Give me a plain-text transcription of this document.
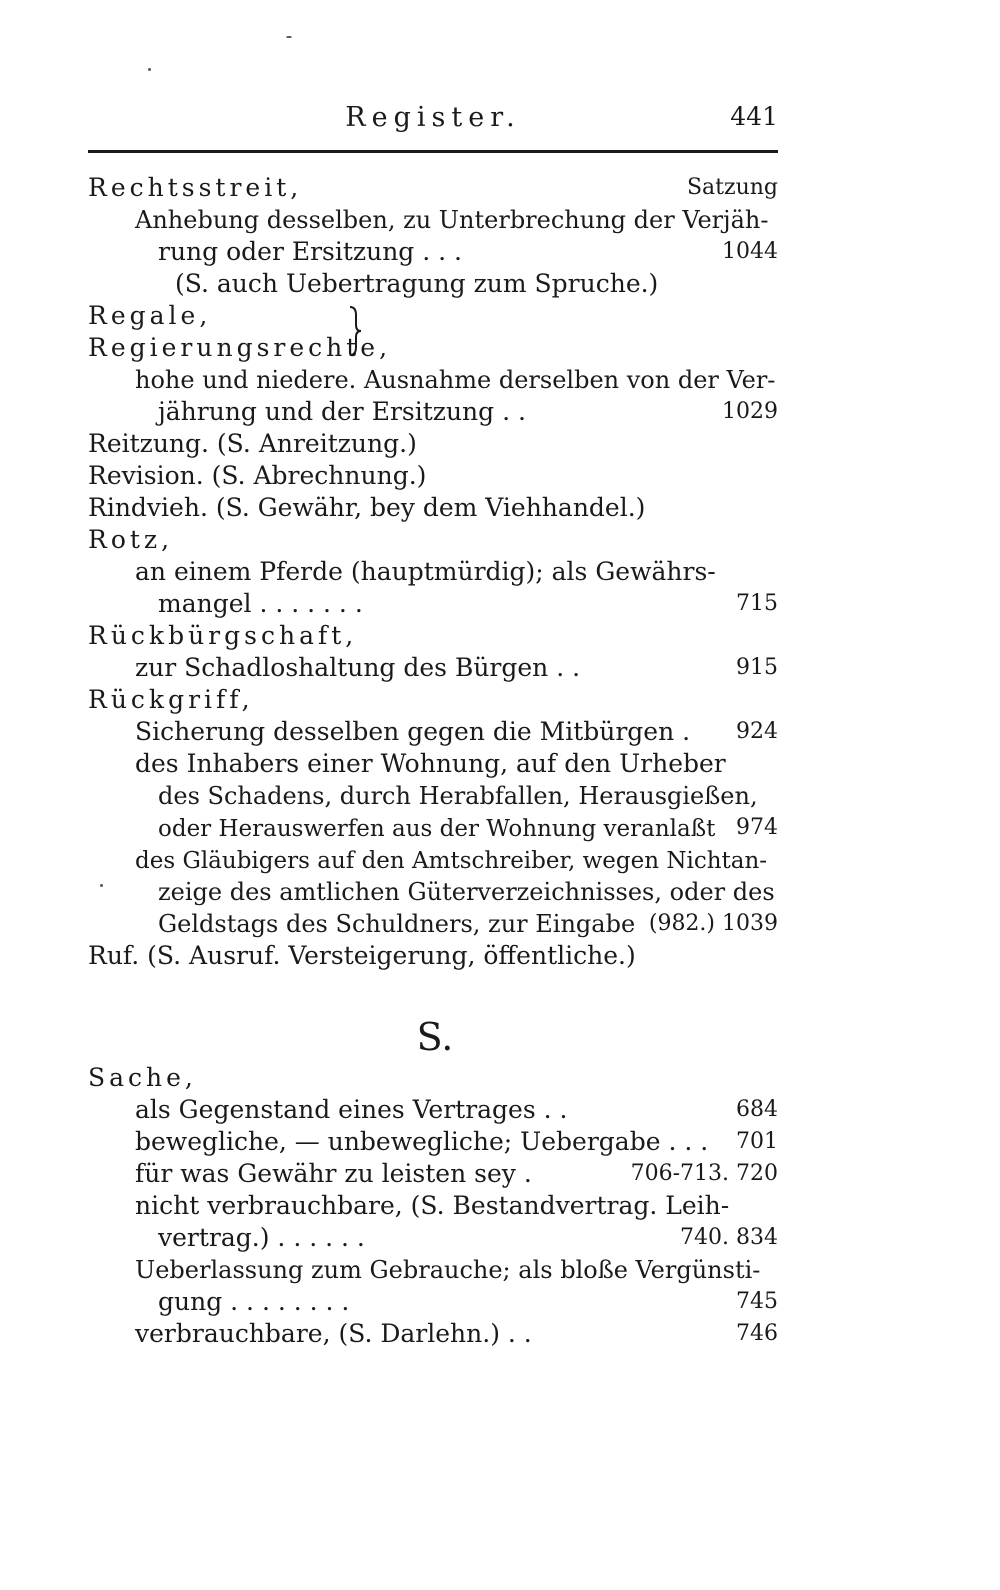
Register.	441
Rechtsstreit,	Satzung
Anhebung desselben, zu Unterbrechung der Verjäh-
rung oder Ersitzung . . .	1044
(S. auch Uebertragung zum Spruche.)
Regale,
Regierungsrechte,
hohe und niedere. Ausnahme derselben von der Ver-
jährung und der Ersitzung . .	1029
Reitzung. (S. Anreitzung.)
Revision. (S. Abrechnung.)
Rindvieh. (S. Gewähr, bey dem Viehhandel.)
Rotz,
an einem Pferde (hauptmürdig); als Gewährs-
mangel . . . . . . .	715
Rückbürgschaft,
zur Schadloshaltung des Bürgen . .	915
Rückgriff,
Sicherung desselben gegen die Mitbürgen . 924
des Inhabers einer Wohnung, auf den Urheber
des Schadens, durch Herabfallen, Herausgießen,
oder Herauswerfen aus der Wohnung veranlaßt 974
des Gläubigers auf den Amtschreiber, wegen Nichtan-
zeige des amtlichen Güterverzeichnisses, oder des
Geldstags des Schuldners, zur Eingabe (982.) 1039
Ruf. (S. Ausruf. Versteigerung, öffentliche.)
S.
Sache,
als Gegenstand eines Vertrages . .	684
bewegliche, — unbewegliche; Uebergabe . . . 701
für was Gewähr zu leisten sey .	706-713. 720
nicht verbrauchbare, (S. Bestandvertrag. Leih-
vertrag.) . . . . . .	740. 834
Ueberlassung zum Gebrauche; als bloße Vergünsti-
gung . . . . . . . .	745
verbrauchbare, (S. Darlehn.) . .	746
